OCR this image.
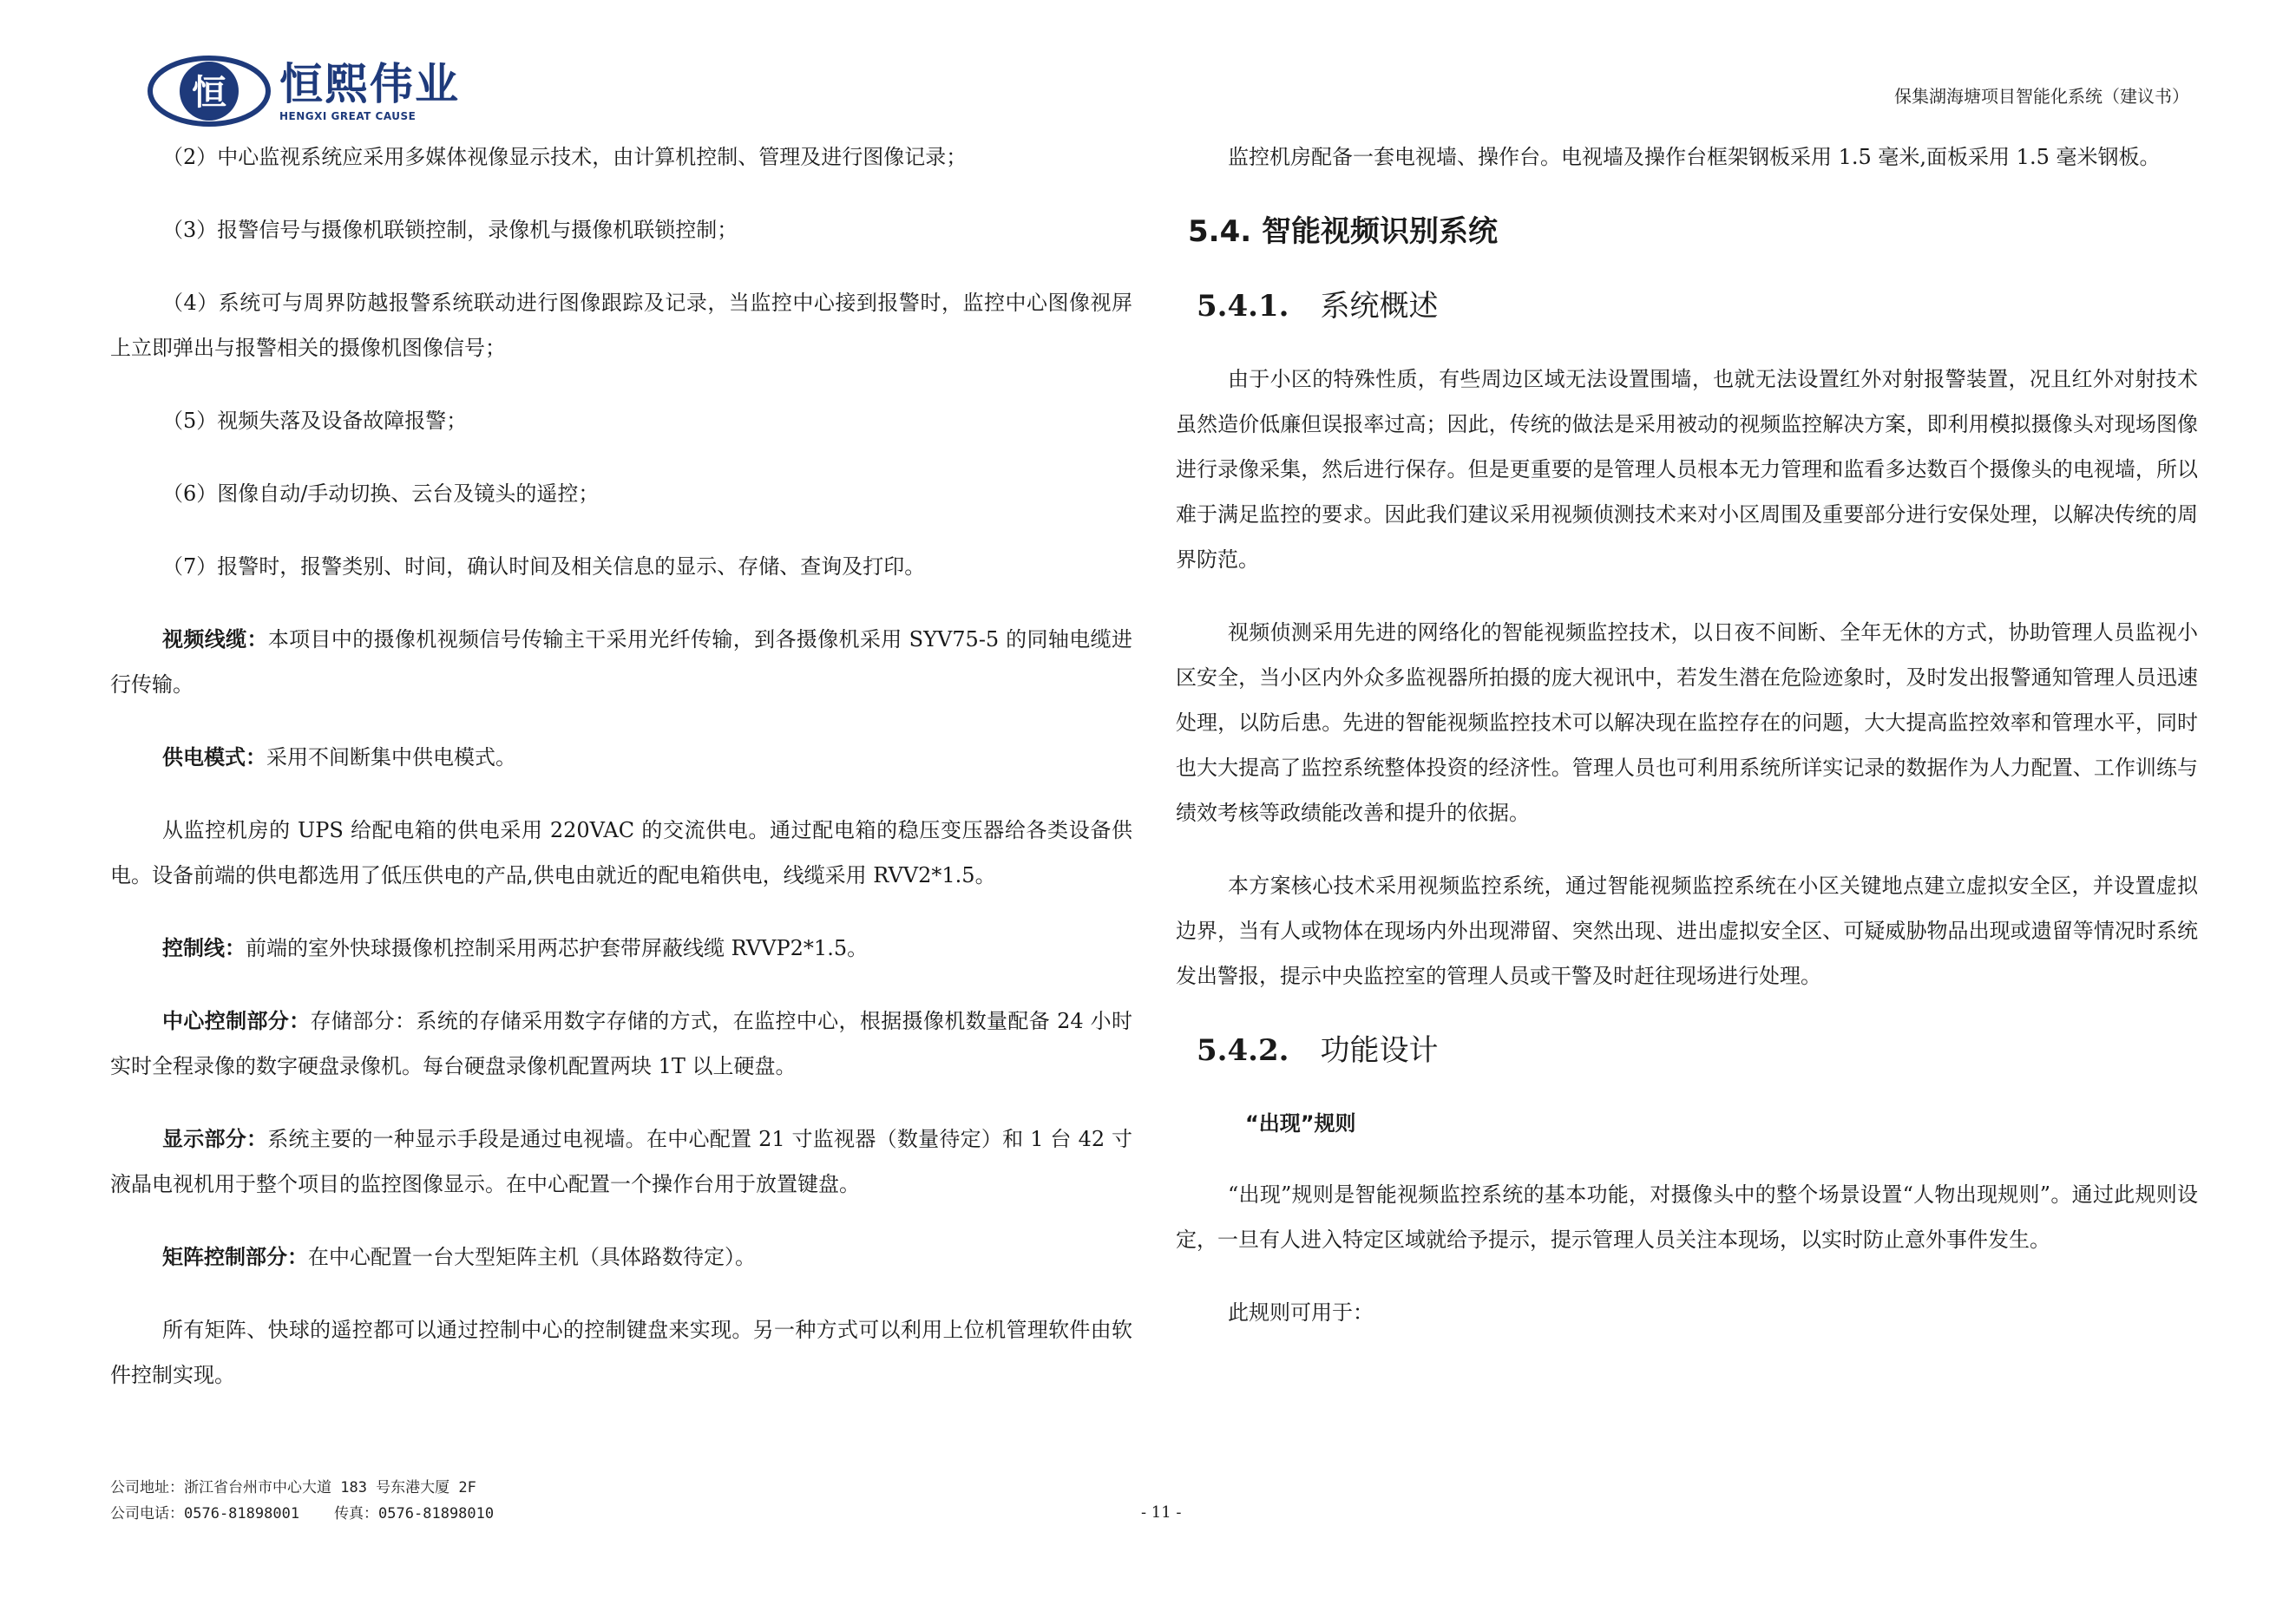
恒 恒熙伟业
HENGXI GREAT CAUSE
保集湖海塘项目智能化系统（建议书）

（2）中心监视系统应采用多媒体视像显示技术，由计算机控制、管理及进行图像记录；

（3）报警信号与摄像机联锁控制，录像机与摄像机联锁控制；

（4）系统可与周界防越报警系统联动进行图像跟踪及记录，当监控中心接到报警时，监控中心图像视屏上立即弹出与报警相关的摄像机图像信号；

（5）视频失落及设备故障报警；

（6）图像自动/手动切换、云台及镜头的遥控；

（7）报警时，报警类别、时间，确认时间及相关信息的显示、存储、查询及打印。

视频线缆：本项目中的摄像机视频信号传输主干采用光纤传输，到各摄像机采用 SYV75-5 的同轴电缆进行传输。

供电模式：采用不间断集中供电模式。

从监控机房的 UPS 给配电箱的供电采用 220VAC 的交流供电。通过配电箱的稳压变压器给各类设备供电。设备前端的供电都选用了低压供电的产品,供电由就近的配电箱供电，线缆采用 RVV2*1.5。

控制线：前端的室外快球摄像机控制采用两芯护套带屏蔽线缆 RVVP2*1.5。

中心控制部分：存储部分：系统的存储采用数字存储的方式，在监控中心，根据摄像机数量配备 24 小时实时全程录像的数字硬盘录像机。每台硬盘录像机配置两块 1T 以上硬盘。

显示部分：系统主要的一种显示手段是通过电视墙。在中心配置 21 寸监视器（数量待定）和 1 台 42 寸液晶电视机用于整个项目的监控图像显示。在中心配置一个操作台用于放置键盘。

矩阵控制部分：在中心配置一台大型矩阵主机（具体路数待定）。

所有矩阵、快球的遥控都可以通过控制中心的控制键盘来实现。另一种方式可以利用上位机管理软件由软件控制实现。

监控机房配备一套电视墙、操作台。电视墙及操作台框架钢板采用 1.5 毫米,面板采用 1.5 毫米钢板。

5.4. 智能视频识别系统
5.4.1. 系统概述

由于小区的特殊性质，有些周边区域无法设置围墙，也就无法设置红外对射报警装置，况且红外对射技术虽然造价低廉但误报率过高；因此，传统的做法是采用被动的视频监控解决方案，即利用模拟摄像头对现场图像进行录像采集，然后进行保存。但是更重要的是管理人员根本无力管理和监看多达数百个摄像头的电视墙，所以难于满足监控的要求。因此我们建议采用视频侦测技术来对小区周围及重要部分进行安保处理，以解决传统的周界防范。

视频侦测采用先进的网络化的智能视频监控技术，以日夜不间断、全年无休的方式，协助管理人员监视小区安全，当小区内外众多监视器所拍摄的庞大视讯中，若发生潜在危险迹象时，及时发出报警通知管理人员迅速处理，以防后患。先进的智能视频监控技术可以解决现在监控存在的问题，大大提高监控效率和管理水平，同时也大大提高了监控系统整体投资的经济性。管理人员也可利用系统所详实记录的数据作为人力配置、工作训练与绩效考核等政绩能改善和提升的依据。

本方案核心技术采用视频监控系统，通过智能视频监控系统在小区关键地点建立虚拟安全区，并设置虚拟边界，当有人或物体在现场内外出现滞留、突然出现、进出虚拟安全区、可疑威胁物品出现或遗留等情况时系统发出警报，提示中央监控室的管理人员或干警及时赶往现场进行处理。

5.4.2. 功能设计
“出现”规则

“出现”规则是智能视频监控系统的基本功能，对摄像头中的整个场景设置“人物出现规则”。通过此规则设定，一旦有人进入特定区域就给予提示，提示管理人员关注本现场，以实时防止意外事件发生。

此规则可用于：

公司地址：浙江省台州市中心大道 183 号东港大厦 2F
公司电话：0576-81898001 传真：0576-81898010	- 11 -
